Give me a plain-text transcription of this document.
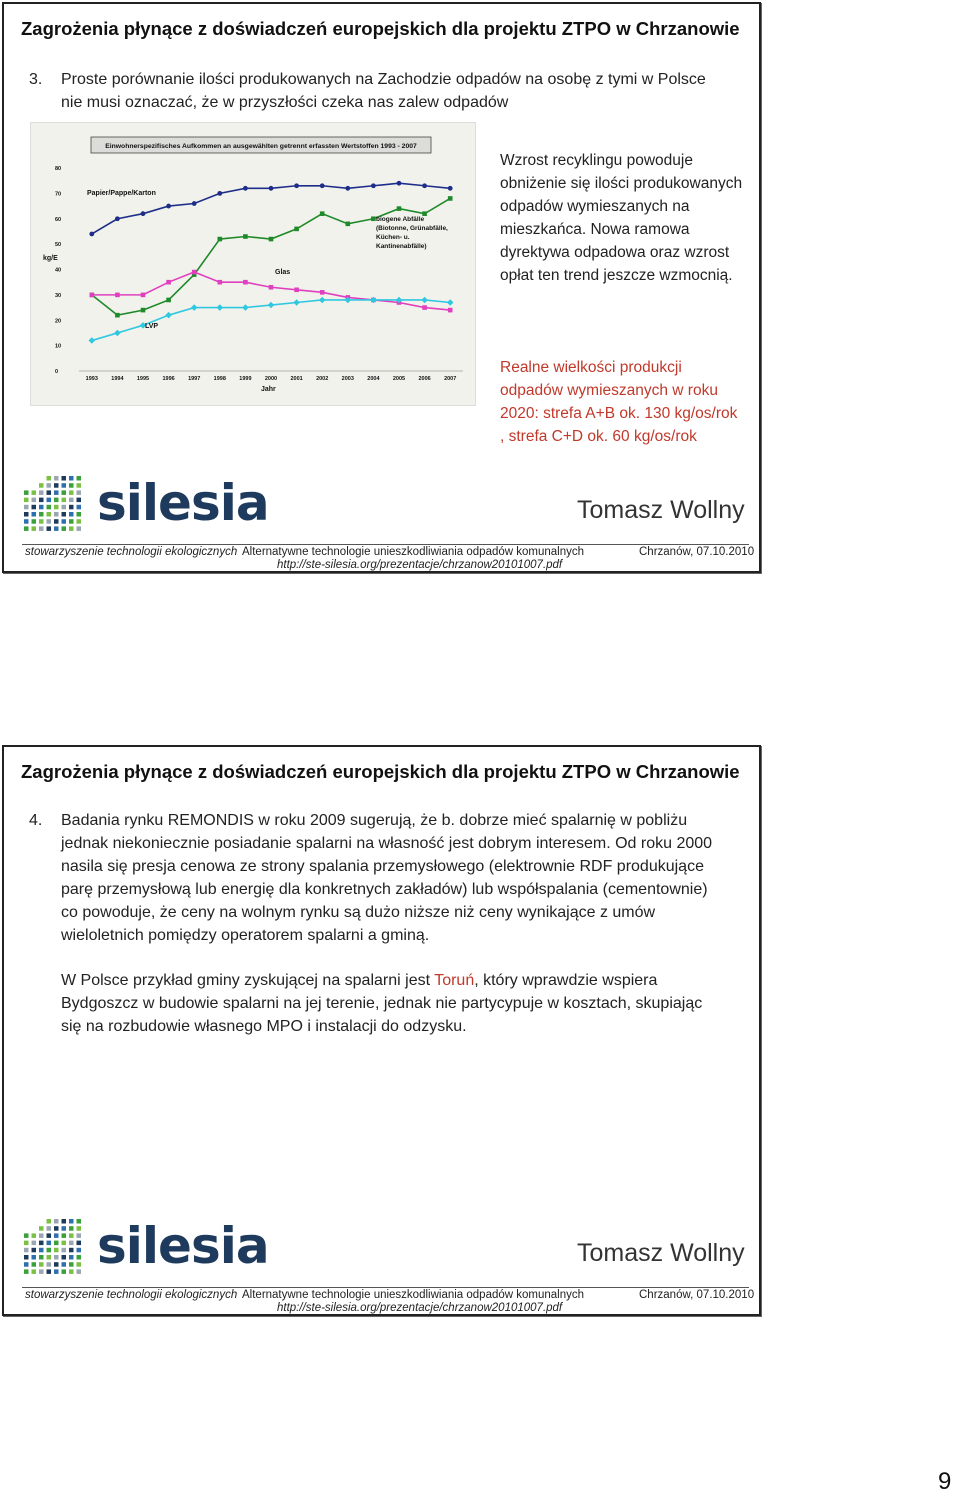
Zagrożenia płynące z doświadczeń europejskich dla projektu ZTPO w Chrzanowie
3. Proste porównanie ilości produkowanych na Zachodzie odpadów na osobę z tymi w Polsce nie musi oznaczać, że w przyszłości czeka nas zalew odpadów
Einwohnerspezifisches Aufkommen an ausgewählten getrennt erfassten Wertstoffen 1993 - 2007
0
10
20
30
40
50
60
70
80
1993 1994 1995 1996 1997 1998 1999 2000 2001 2002 2003 2004 2005 2006 2007
Papier/Pappe/Karton
biogene Abfälle (Biotonne, Grünabfälle, Küchen- u. Kantinenabfälle)
Glas
LVP
kg/E
Jahr
Wzrost recyklingu powoduje obniżenie się ilości produkowanych odpadów wymieszanych na mieszkańca. Nowa ramowa dyrektywa odpadowa oraz wzrost opłat ten trend jeszcze wzmocnią.
Realne wielkości produkcji odpadów wymieszanych w roku 2020: strefa A+B ok. 130 kg/os/rok , strefa C+D ok. 60 kg/os/rok
silesia	Tomasz Wollny
stowarzyszenie technologii ekologicznych Alternatywne technologie unieszkodliwiania odpadów komunalnych	Chrzanów, 07.10.2010
http://ste-silesia.org/prezentacje/chrzanow20101007.pdf
Zagrożenia płynące z doświadczeń europejskich dla projektu ZTPO w Chrzanowie
4. Badania rynku REMONDIS w roku 2009 sugerują, że b. dobrze mieć spalarnię w pobliżu jednak niekoniecznie posiadanie spalarni na własność jest dobrym interesem. Od roku 2000 nasila się presja cenowa ze strony spalania przemysłowego (elektrownie RDF produkujące parę przemysłową lub energię dla konkretnych zakładów) lub współspalania (cementownie) co powoduje, że ceny na wolnym rynku są dużo niższe niż ceny wynikające z umów wieloletnich pomiędzy operatorem spalarni a gminą.
W Polsce przykład gminy zyskującej na spalarni jest Toruń, który wprawdzie wspiera Bydgoszcz w budowie spalarni na jej terenie, jednak nie partycypuje w kosztach, skupiając się na rozbudowie własnego MPO i instalacji do odzysku.
silesia	Tomasz Wollny
stowarzyszenie technologii ekologicznych Alternatywne technologie unieszkodliwiania odpadów komunalnych	Chrzanów, 07.10.2010
http://ste-silesia.org/prezentacje/chrzanow20101007.pdf
9
